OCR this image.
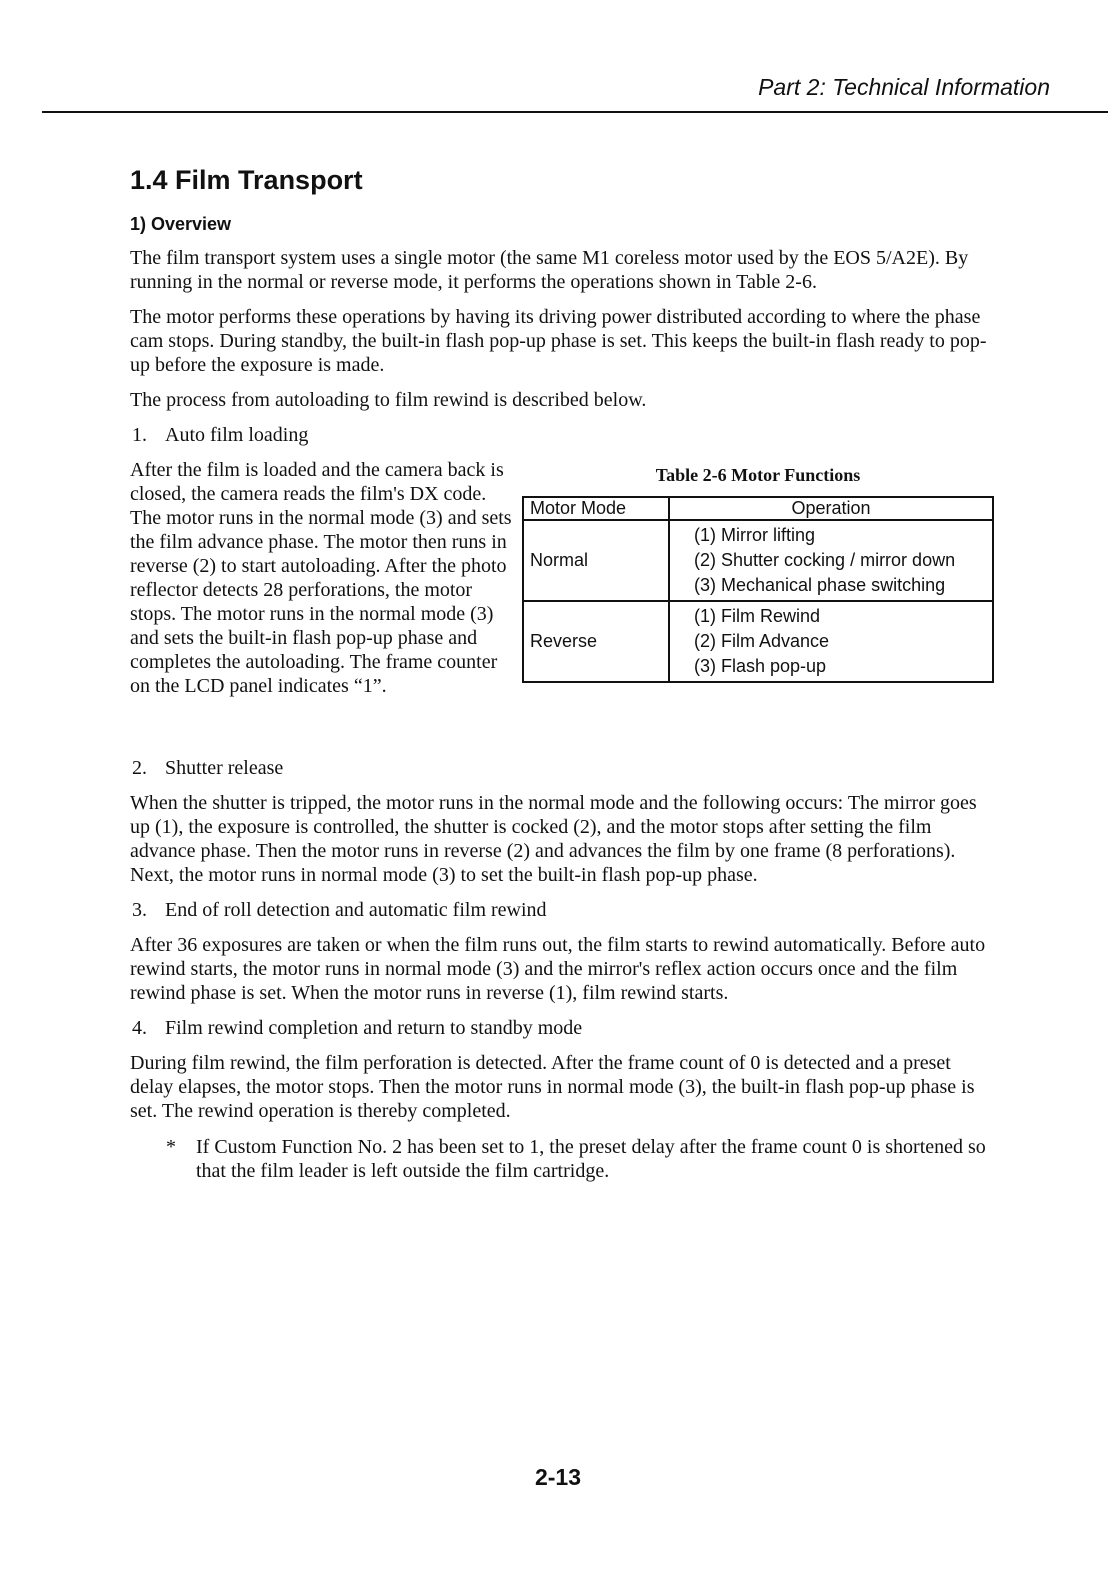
Part 2: Technical Information
1.4 Film Transport
1) Overview

The film transport system uses a single motor (the same M1 coreless motor used by the EOS 5/A2E). By running in the normal or reverse mode, it performs the operations shown in Table 2-6.

The motor performs these operations by having its driving power distributed according to where the phase cam stops. During standby, the built-in flash pop-up phase is set. This keeps the built-in flash ready to pop-up before the exposure is made.

The process from autoloading to film rewind is described below.

1. Auto film loading

After the film is loaded and the camera back is closed, the camera reads the film's DX code. The motor runs in the normal mode (3) and sets the film advance phase. The motor then runs in reverse (2) to start autoloading. After the photo reflector detects 28 perforations, the motor stops. The motor runs in the normal mode (3) and sets the built-in flash pop-up phase and completes the autoloading. The frame counter on the LCD panel indicates “1”.

Table 2-6 Motor Functions
Motor Mode	Operation
Normal	(1) Mirror lifting
(2) Shutter cocking / mirror down
(3) Mechanical phase switching

Reverse	(1) Film Rewind
(2) Film Advance
(3) Flash pop-up
2. Shutter release

When the shutter is tripped, the motor runs in the normal mode and the following occurs: The mirror goes up (1), the exposure is controlled, the shutter is cocked (2), and the motor stops after setting the film advance phase. Then the motor runs in reverse (2) and advances the film by one frame (8 perforations). Next, the motor runs in normal mode (3) to set the built-in flash pop-up phase.

3. End of roll detection and automatic film rewind

After 36 exposures are taken or when the film runs out, the film starts to rewind automatically. Before auto rewind starts, the motor runs in normal mode (3) and the mirror's reflex action occurs once and the film rewind phase is set. When the motor runs in reverse (1), film rewind starts.

4. Film rewind completion and return to standby mode

During film rewind, the film perforation is detected. After the frame count of 0 is detected and a preset delay elapses, the motor stops. Then the motor runs in normal mode (3), the built-in flash pop-up phase is set. The rewind operation is thereby completed.

* If Custom Function No. 2 has been set to 1, the preset delay after the frame count 0 is shortened so that the film leader is left outside the film cartridge.
2-13
